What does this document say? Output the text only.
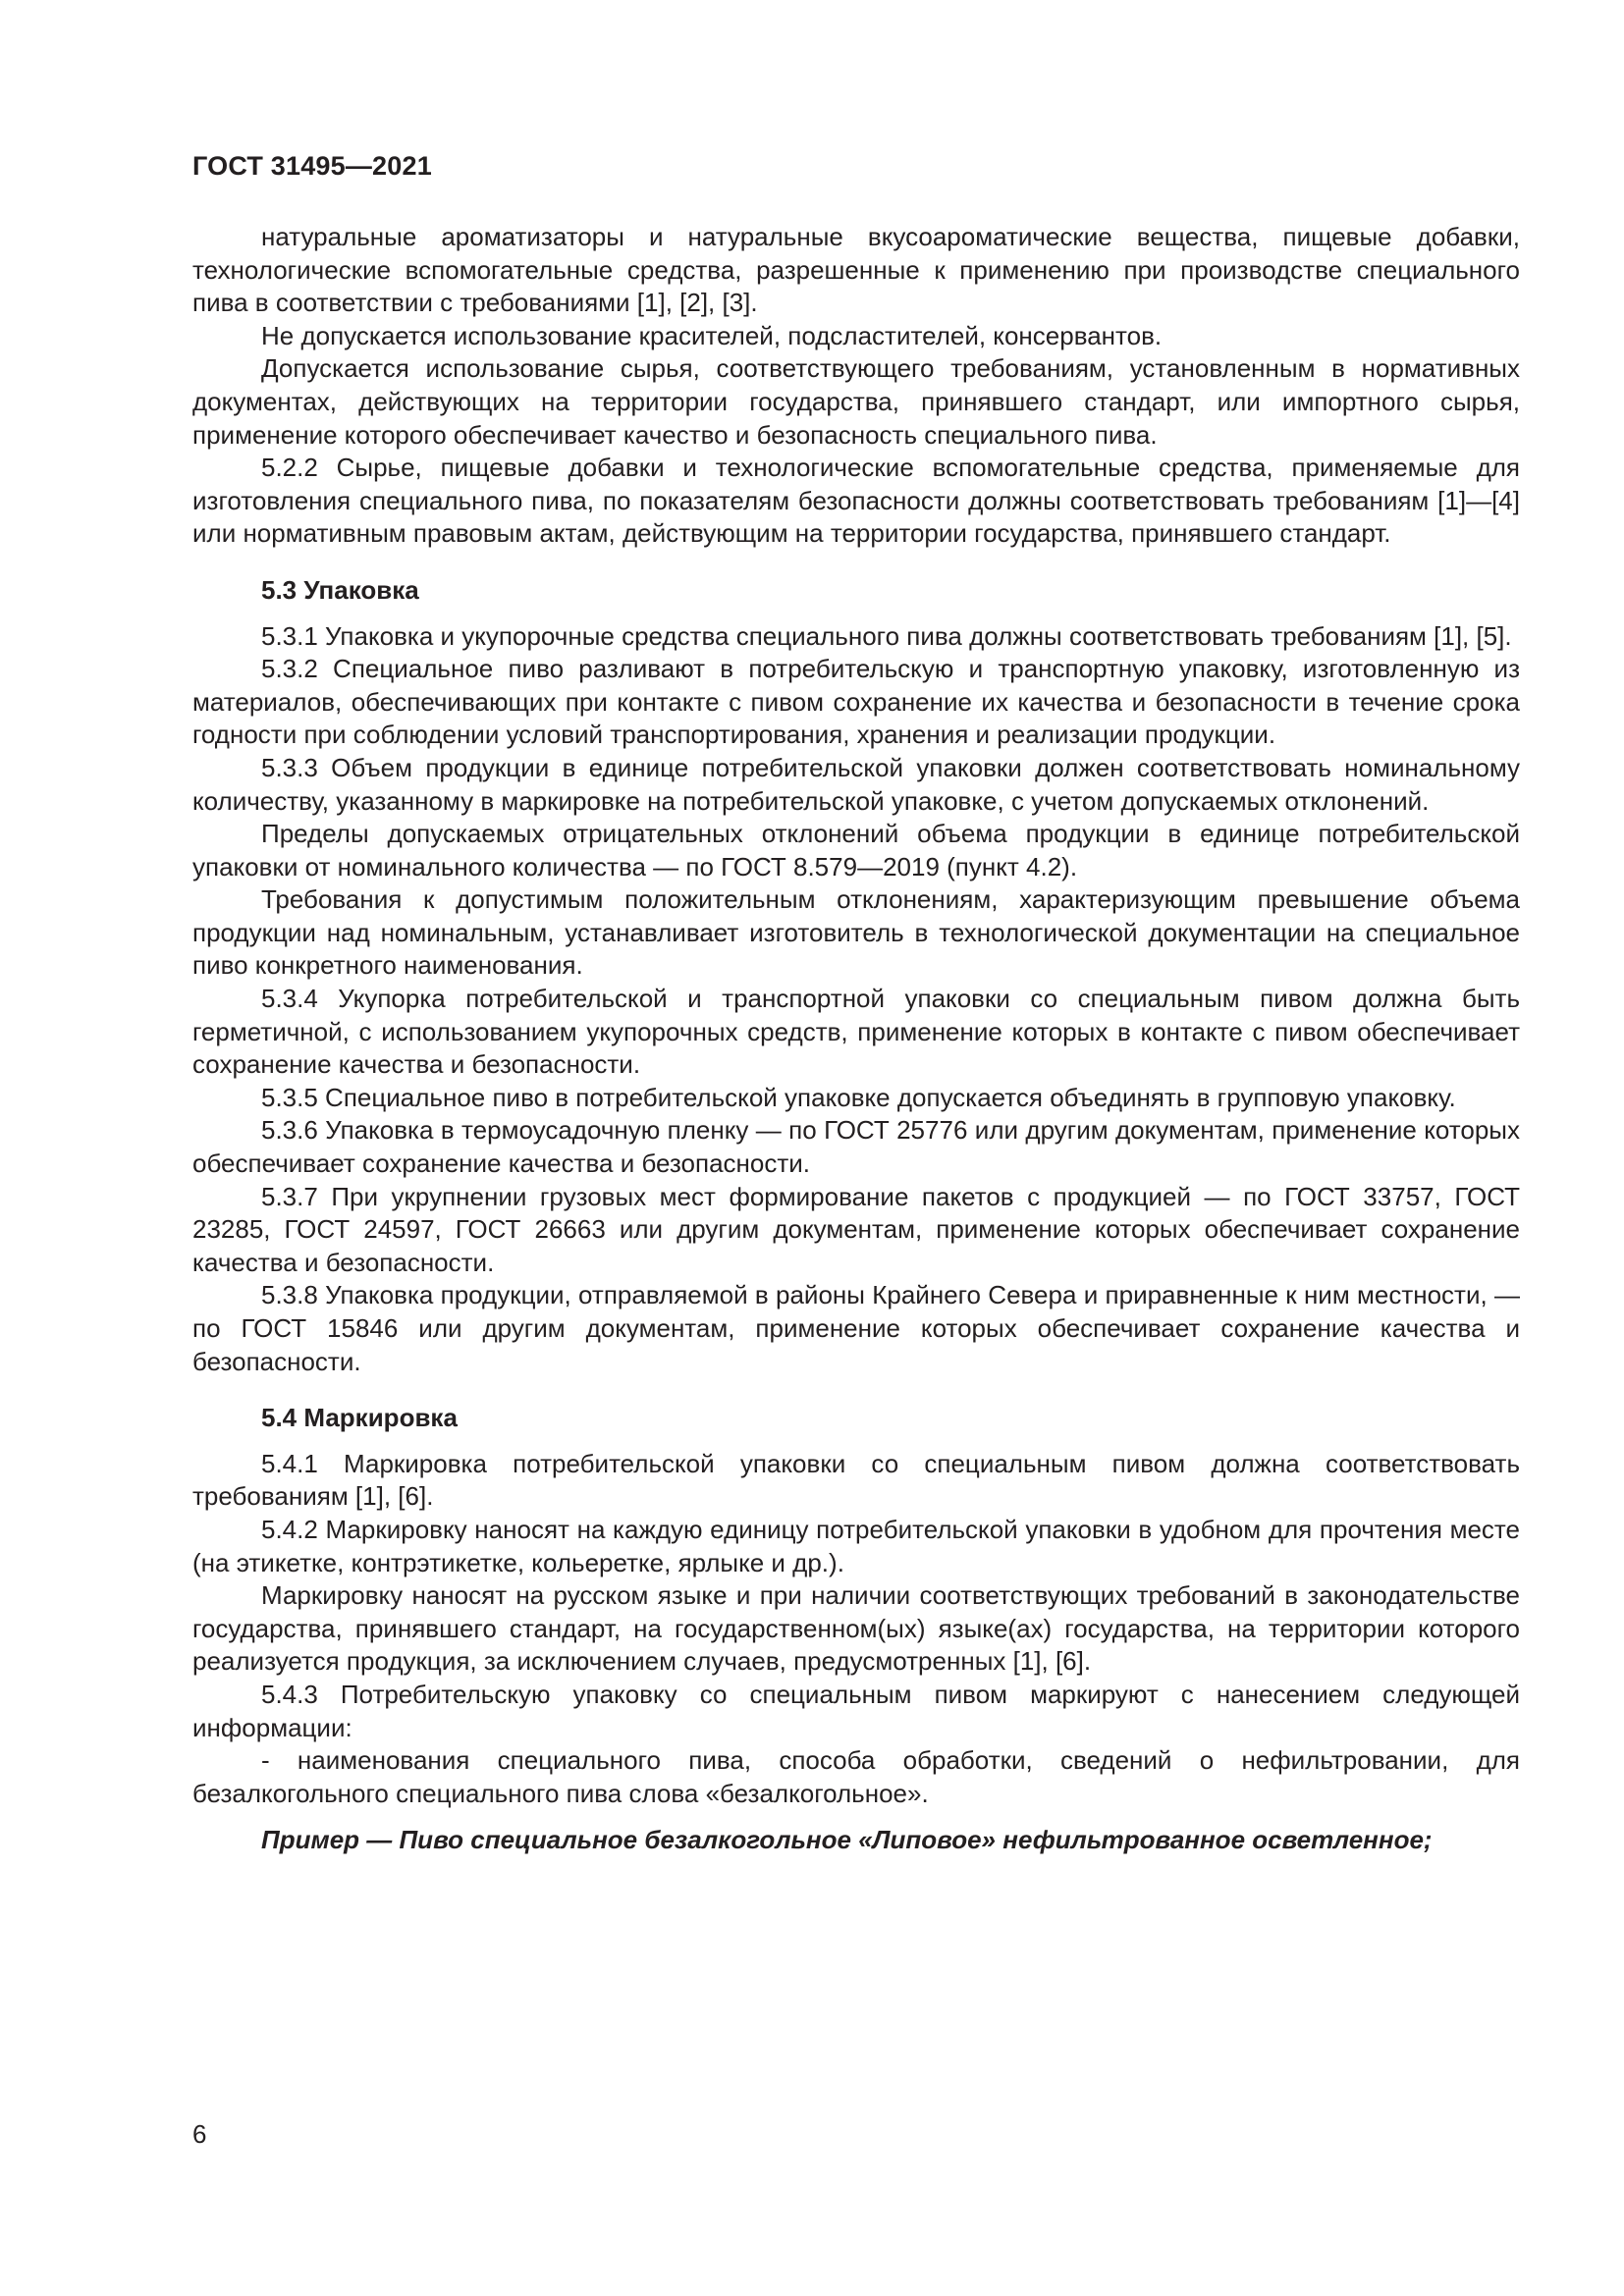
ГОСТ 31495—2021

натуральные ароматизаторы и натуральные вкусоароматические вещества, пищевые добавки, технологические вспомогательные средства, разрешенные к применению при производстве специального пива в соответствии с требованиями [1], [2], [3].

Не допускается использование красителей, подсластителей, консервантов.

Допускается использование сырья, соответствующего требованиям, установленным в нормативных документах, действующих на территории государства, принявшего стандарт, или импортного сырья, применение которого обеспечивает качество и безопасность специального пива.

5.2.2 Сырье, пищевые добавки и технологические вспомогательные средства, применяемые для изготовления специального пива, по показателям безопасности должны соответствовать требованиям [1]—[4] или нормативным правовым актам, действующим на территории государства, принявшего стандарт.

5.3 Упаковка

5.3.1 Упаковка и укупорочные средства специального пива должны соответствовать требованиям [1], [5].

5.3.2 Специальное пиво разливают в потребительскую и транспортную упаковку, изготовленную из материалов, обеспечивающих при контакте с пивом сохранение их качества и безопасности в течение срока годности при соблюдении условий транспортирования, хранения и реализации продукции.

5.3.3 Объем продукции в единице потребительской упаковки должен соответствовать номинальному количеству, указанному в маркировке на потребительской упаковке, с учетом допускаемых отклонений.

Пределы допускаемых отрицательных отклонений объема продукции в единице потребительской упаковки от номинального количества — по ГОСТ 8.579—2019 (пункт 4.2).

Требования к допустимым положительным отклонениям, характеризующим превышение объема продукции над номинальным, устанавливает изготовитель в технологической документации на специальное пиво конкретного наименования.

5.3.4 Укупорка потребительской и транспортной упаковки со специальным пивом должна быть герметичной, с использованием укупорочных средств, применение которых в контакте с пивом обеспечивает сохранение качества и безопасности.

5.3.5 Специальное пиво в потребительской упаковке допускается объединять в групповую упаковку.

5.3.6 Упаковка в термоусадочную пленку — по ГОСТ 25776 или другим документам, применение которых обеспечивает сохранение качества и безопасности.

5.3.7 При укрупнении грузовых мест формирование пакетов с продукцией — по ГОСТ 33757, ГОСТ 23285, ГОСТ 24597, ГОСТ 26663 или другим документам, применение которых обеспечивает сохранение качества и безопасности.

5.3.8 Упаковка продукции, отправляемой в районы Крайнего Севера и приравненные к ним местности, — по ГОСТ 15846 или другим документам, применение которых обеспечивает сохранение качества и безопасности.

5.4 Маркировка

5.4.1 Маркировка потребительской упаковки со специальным пивом должна соответствовать требованиям [1], [6].

5.4.2 Маркировку наносят на каждую единицу потребительской упаковки в удобном для прочтения месте (на этикетке, контрэтикетке, кольеретке, ярлыке и др.).

Маркировку наносят на русском языке и при наличии соответствующих требований в законодательстве государства, принявшего стандарт, на государственном(ых) языке(ах) государства, на территории которого реализуется продукция, за исключением случаев, предусмотренных [1], [6].

5.4.3 Потребительскую упаковку со специальным пивом маркируют с нанесением следующей информации:

- наименования специального пива, способа обработки, сведений о нефильтровании, для безалкогольного специального пива слова «безалкогольное».

Пример — Пиво специальное безалкогольное «Липовое» нефильтрованное осветленное;

6
